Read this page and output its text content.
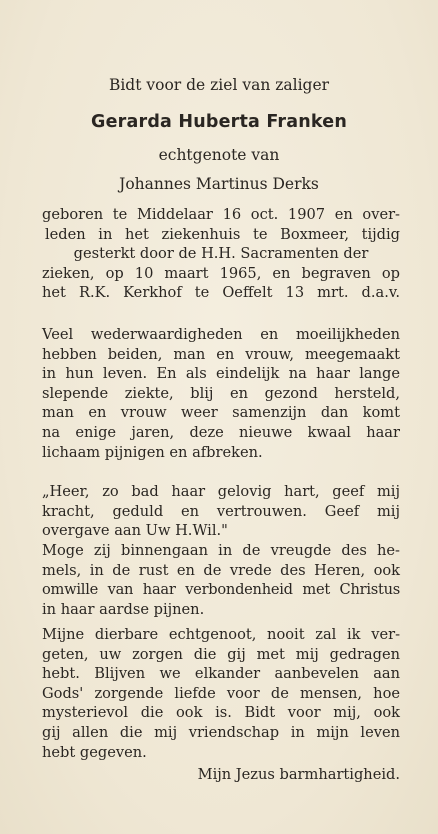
Bidt voor de ziel van zaliger
Gerarda Huberta Franken
echtgenote van
Johannes Martinus Derks
geboren te Middelaar 16 oct. 1907 en over-
leden in het ziekenhuis te Boxmeer, tijdig
gesterkt door de H.H. Sacramenten der
zieken, op 10 maart 1965, en begraven op
het R.K. Kerkhof te Oeffelt 13 mrt. d.a.v.
Veel wederwaardigheden en moeilijkheden
hebben beiden, man en vrouw, meegemaakt
in hun leven. En als eindelijk na haar lange
slepende ziekte, blij en gezond hersteld,
man en vrouw weer samenzijn dan komt
na enige jaren, deze nieuwe kwaal haar
lichaam pijnigen en afbreken.
„Heer, zo bad haar gelovig hart, geef mij
kracht, geduld en vertrouwen. Geef mij
overgave aan Uw H.Wil."
Moge zij binnengaan in de vreugde des he-
mels, in de rust en de vrede des Heren, ook
omwille van haar verbondenheid met Christus
in haar aardse pijnen.
Mijne dierbare echtgenoot, nooit zal ik ver-
geten, uw zorgen die gij met mij gedragen
hebt. Blijven we elkander aanbevelen aan
Gods' zorgende liefde voor de mensen, hoe
mysterievol die ook is. Bidt voor mij, ook
gij allen die mij vriendschap in mijn leven
hebt gegeven.
Mijn Jezus barmhartigheid.
